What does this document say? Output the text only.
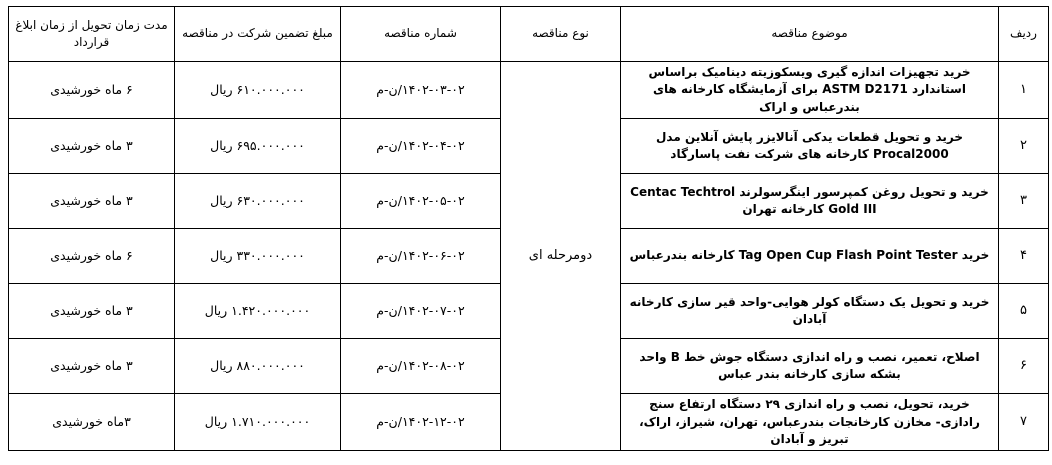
ردیف	موضوع مناقصه	نوع مناقصه	شماره مناقصه	مبلغ تضمین شرکت در مناقصه	مدت زمان تحویل از زمان ابلاغ قرارداد
۱	خرید تجهیزات اندازه گیری ویسکوزیته دینامیک براساس استاندارد ASTM D2171 برای آزمایشگاه کارخانه های بندرعباس و اراک	دومرحله ای	۱۴۰۲-۰۳-۰۲/ن-م	۶۱۰.۰۰۰.۰۰۰ ریال	۶ ماه خورشیدی
۲	خرید و تحویل قطعات یدکی آنالایزر پایش آنلاین مدل Procal2000 کارخانه های شرکت نفت پاسارگاد		۱۴۰۲-۰۴-۰۲/ن-م	۶۹۵.۰۰۰.۰۰۰ ریال	۳ ماه خورشیدی
۳	خرید و تحویل روغن کمپرسور اینگرسولرند Centac Techtrol Gold III کارخانه تهران		۱۴۰۲-۰۵-۰۲/ن-م	۶۳۰.۰۰۰.۰۰۰ ریال	۳ ماه خورشیدی
۴	خرید Tag Open Cup Flash Point Tester کارخانه بندرعباس		۱۴۰۲-۰۶-۰۲/ن-م	۳۳۰.۰۰۰.۰۰۰ ریال	۶ ماه خورشیدی
۵	خرید و تحویل یک دستگاه کولر هوایی-واحد قیر سازی کارخانه آبادان		۱۴۰۲-۰۷-۰۲/ن-م	۱.۴۲۰.۰۰۰.۰۰۰ ریال	۳ ماه خورشیدی
۶	اصلاح، تعمیر، نصب و راه اندازی دستگاه جوش خط B واحد بشکه سازی کارخانه بندر عباس		۱۴۰۲-۰۸-۰۲/ن-م	۸۸۰.۰۰۰.۰۰۰ ریال	۳ ماه خورشیدی
۷	خرید، تحویل، نصب و راه اندازی ۲۹ دستگاه ارتفاع سنج رادازی- مخازن کارخانجات بندرعباس، تهران، شیراز، اراک، تبریز و آبادان		۱۴۰۲-۱۲-۰۲/ن-م	۱.۷۱۰.۰۰۰.۰۰۰ ریال	۳ماه خورشیدی
